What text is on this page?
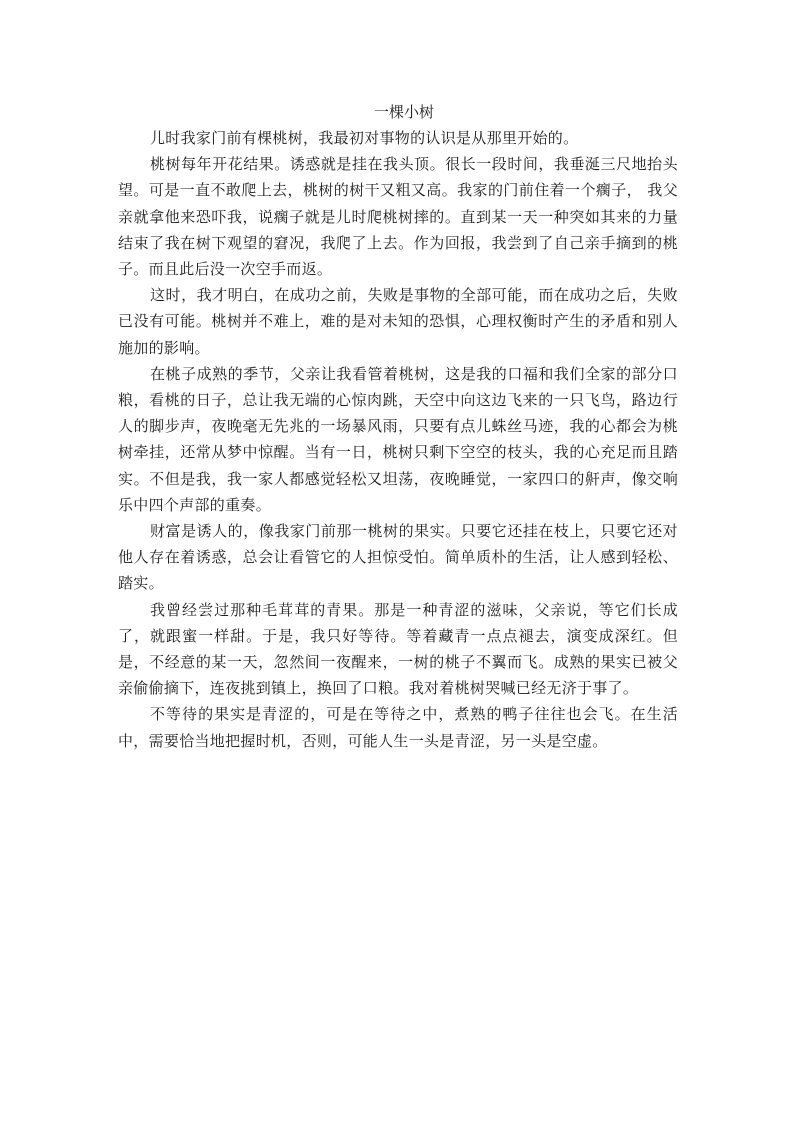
一棵小树

儿时我家门前有棵桃树，我最初对事物的认识是从那里开始的。

桃树每年开花结果。诱惑就是挂在我头顶。很长一段时间，我垂涎三尺地抬头望。可是一直不敢爬上去，桃树的树干又粗又高。我家的门前住着一个瘸子， 我父亲就拿他来恐吓我，说瘸子就是儿时爬桃树摔的。直到某一天一种突如其来的力量结束了我在树下观望的窘况，我爬了上去。作为回报，我尝到了自己亲手摘到的桃子。而且此后没一次空手而返。

这时，我才明白，在成功之前，失败是事物的全部可能，而在成功之后，失败已没有可能。桃树并不难上，难的是对未知的恐惧，心理权衡时产生的矛盾和别人施加的影响。

在桃子成熟的季节，父亲让我看管着桃树，这是我的口福和我们全家的部分口粮，看桃的日子，总让我无端的心惊肉跳，天空中向这边飞来的一只飞鸟，路边行人的脚步声，夜晚毫无先兆的一场暴风雨，只要有点儿蛛丝马迹，我的心都会为桃树牵挂，还常从梦中惊醒。当有一日，桃树只剩下空空的枝头，我的心充足而且踏实。不但是我，我一家人都感觉轻松又坦荡，夜晚睡觉，一家四口的鼾声，像交响乐中四个声部的重奏。

财富是诱人的，像我家门前那一桃树的果实。只要它还挂在枝上，只要它还对他人存在着诱惑，总会让看管它的人担惊受怕。简单质朴的生活，让人感到轻松、踏实。

我曾经尝过那种毛茸茸的青果。那是一种青涩的滋味，父亲说，等它们长成了，就跟蜜一样甜。于是，我只好等待。等着藏青一点点褪去，演变成深红。但是，不经意的某一天，忽然间一夜醒来，一树的桃子不翼而飞。成熟的果实已被父亲偷偷摘下，连夜挑到镇上，换回了口粮。我对着桃树哭喊已经无济于事了。

不等待的果实是青涩的，可是在等待之中，煮熟的鸭子往往也会飞。在生活中，需要恰当地把握时机，否则，可能人生一头是青涩，另一头是空虚。
